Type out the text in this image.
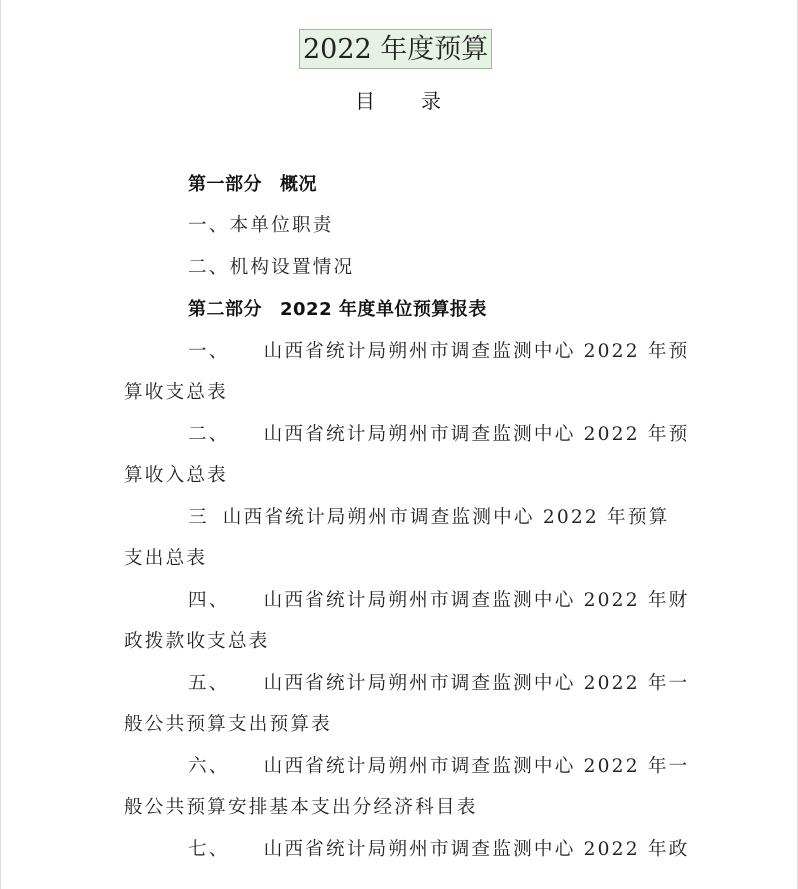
2022 年度预算
目录
第一部分 概况
一、本单位职责
二、机构设置情况
第二部分 2022 年度单位预算报表
一、 山西省统计局朔州市调查监测中心 2022 年预
算收支总表
二、 山西省统计局朔州市调查监测中心 2022 年预
算收入总表
三 山西省统计局朔州市调查监测中心 2022 年预算
支出总表
四、 山西省统计局朔州市调查监测中心 2022 年财
政拨款收支总表
五、 山西省统计局朔州市调查监测中心 2022 年一
般公共预算支出预算表
六、 山西省统计局朔州市调查监测中心 2022 年一
般公共预算安排基本支出分经济科目表
七、 山西省统计局朔州市调查监测中心 2022 年政
